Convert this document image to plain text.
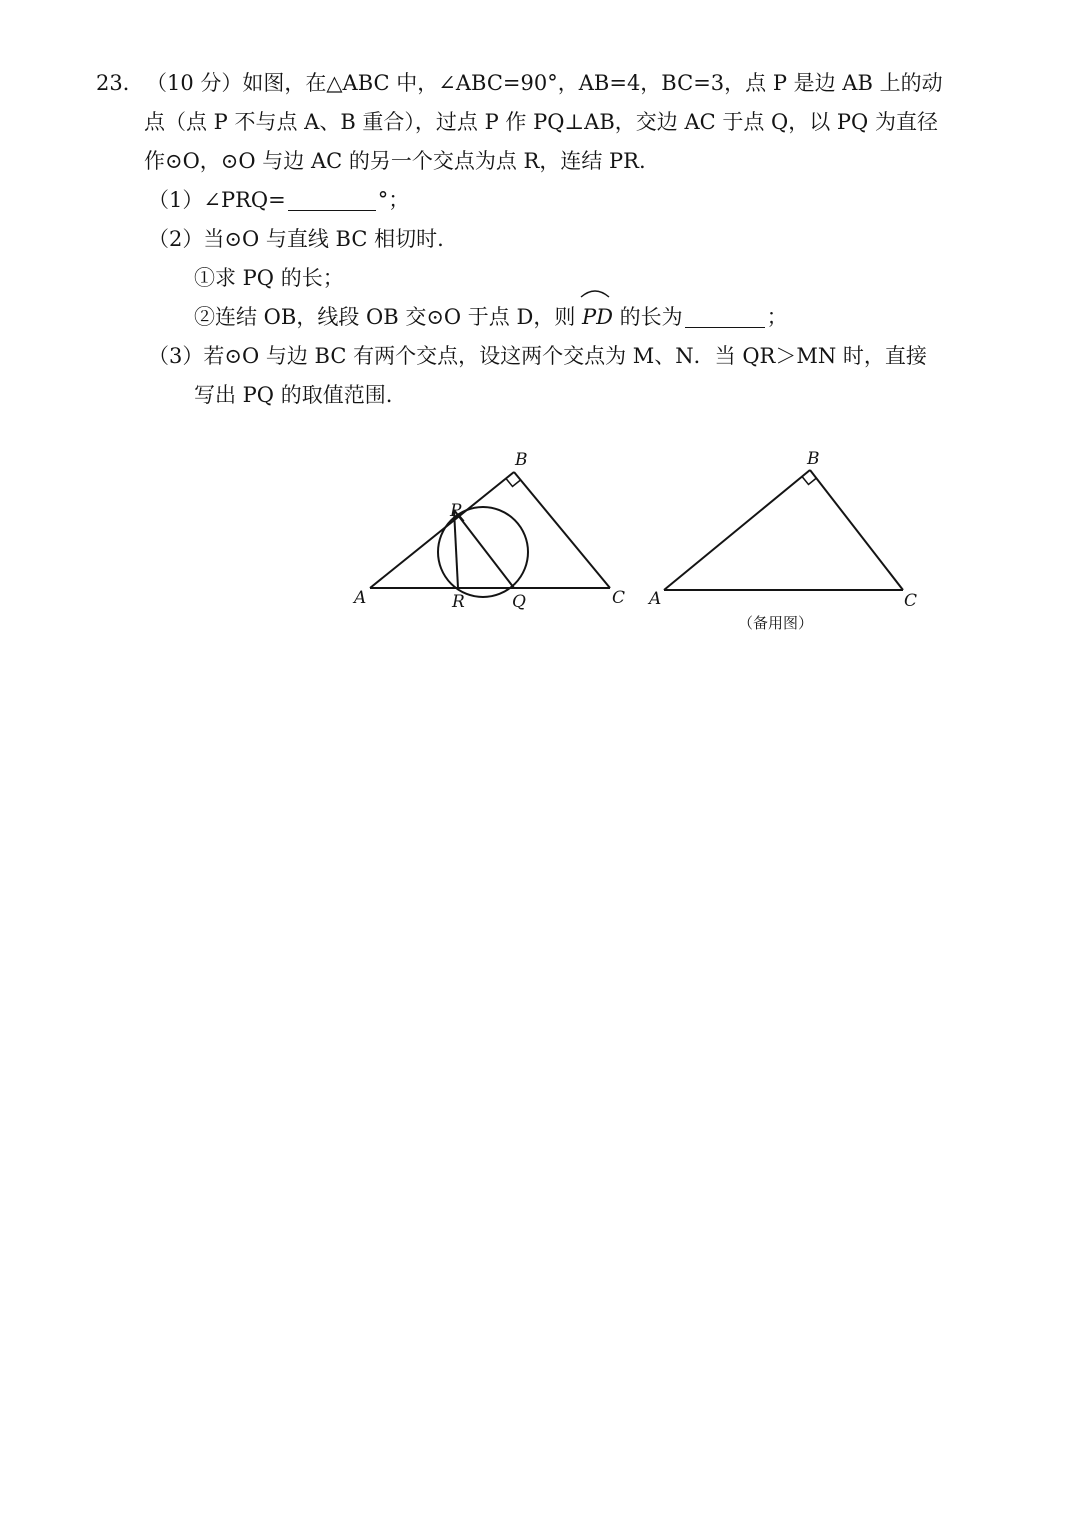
23． （10 分）如图，在△ABC 中，∠ABC=90°，AB=4，BC=3，点 P 是边 AB 上的动
点（点 P 不与点 A、B 重合），过点 P 作 PQ⊥AB，交边 AC 于点 Q，以 PQ 为直径
作⊙O，⊙O 与边 AC 的另一个交点为点 R，连结 PR.
（1）∠PRQ=	°；
（2）当⊙O 与直线 BC 相切时.
①求 PQ 的长；
②连结 OB，线段 OB 交⊙O 于点 D，则 PD 的长为	；
（3）若⊙O 与边 BC 有两个交点，设这两个交点为 M、N．当 QR＞MN 时，直接
写出 PQ 的取值范围.
A
B
C
P
R	Q	A
B
C
（备用图）
